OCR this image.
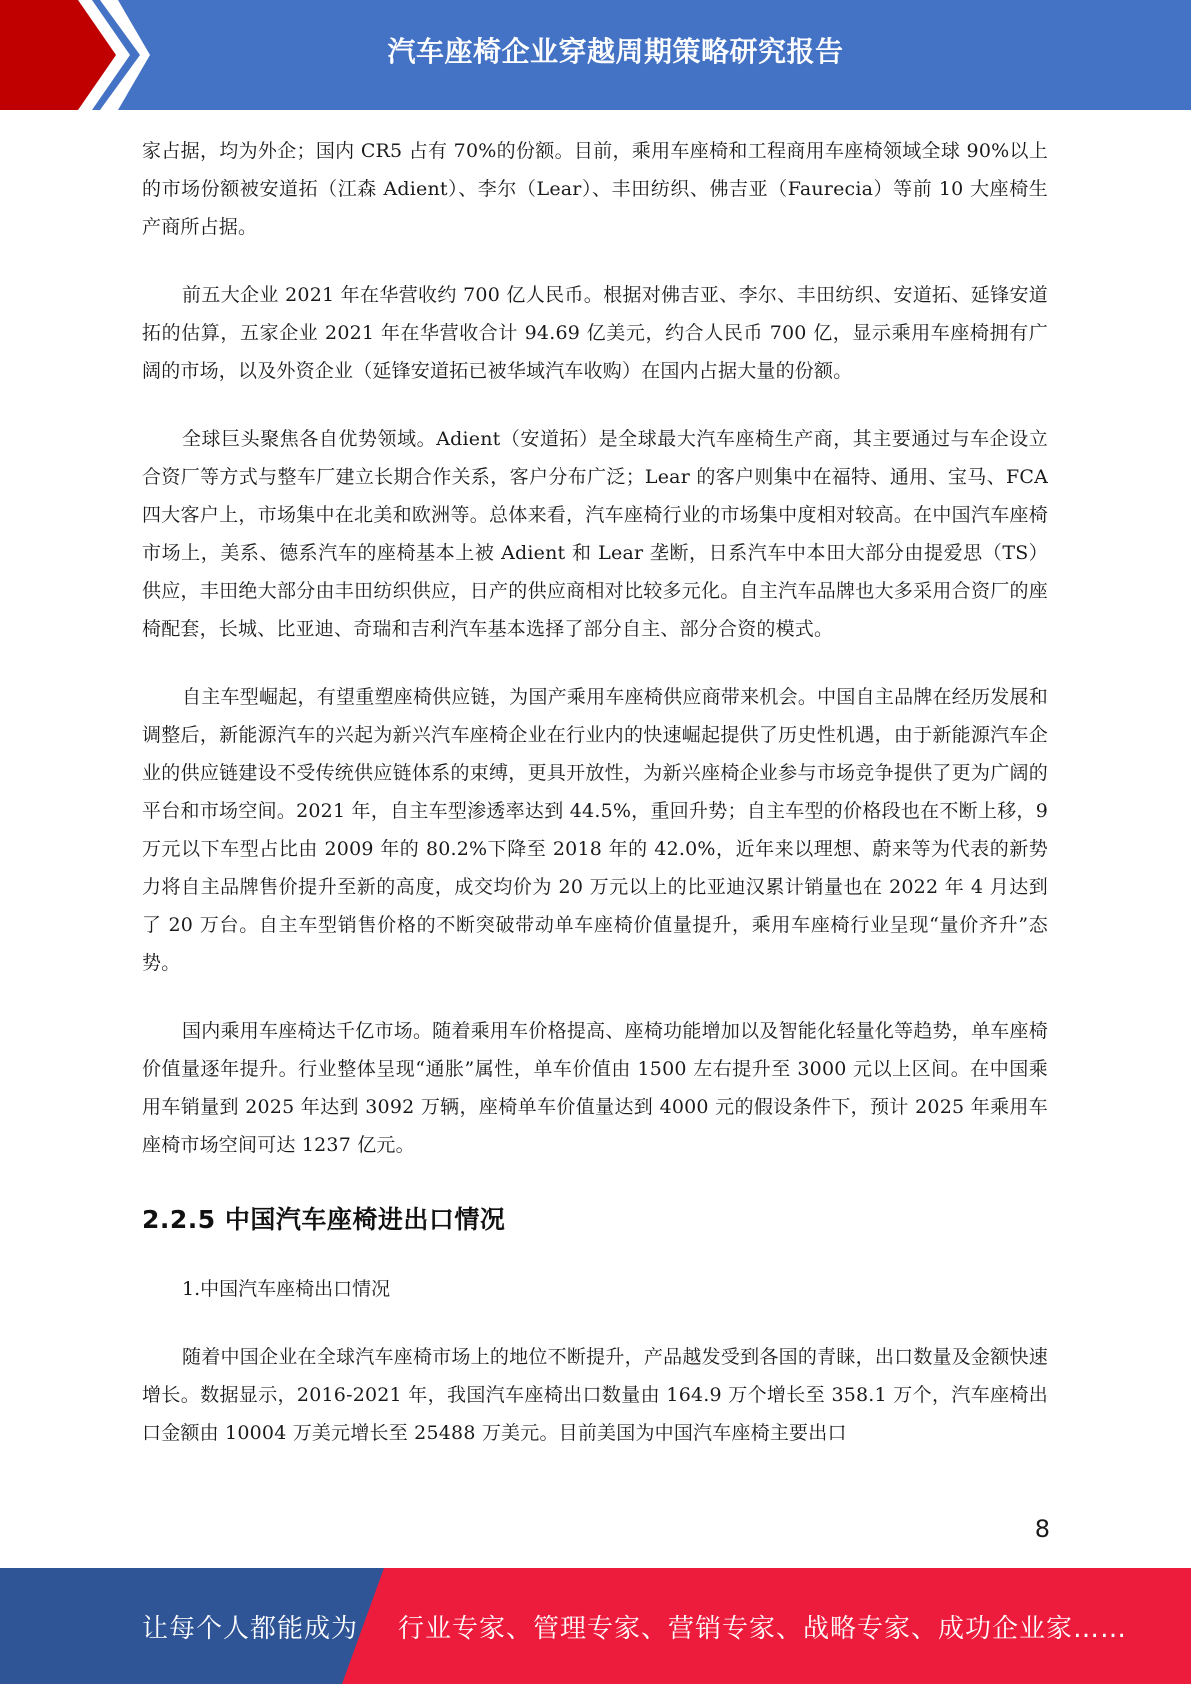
汽车座椅企业穿越周期策略研究报告

家占据，均为外企；国内 CR5 占有 70%的份额。目前，乘用车座椅和工程商用车座椅领域全球 90%以上的市场份额被安道拓（江森 Adient）、李尔（Lear）、丰田纺织、佛吉亚（Faurecia）等前 10 大座椅生产商所占据。

前五大企业 2021 年在华营收约 700 亿人民币。根据对佛吉亚、李尔、丰田纺织、安道拓、延锋安道拓的估算，五家企业 2021 年在华营收合计 94.69 亿美元，约合人民币 700 亿，显示乘用车座椅拥有广阔的市场，以及外资企业（延锋安道拓已被华域汽车收购）在国内占据大量的份额。

全球巨头聚焦各自优势领域。Adient（安道拓）是全球最大汽车座椅生产商，其主要通过与车企设立合资厂等方式与整车厂建立长期合作关系，客户分布广泛；Lear 的客户则集中在福特、通用、宝马、FCA 四大客户上，市场集中在北美和欧洲等。总体来看，汽车座椅行业的市场集中度相对较高。在中国汽车座椅市场上，美系、德系汽车的座椅基本上被 Adient 和 Lear 垄断，日系汽车中本田大部分由提爱思（TS）供应，丰田绝大部分由丰田纺织供应，日产的供应商相对比较多元化。自主汽车品牌也大多采用合资厂的座椅配套，长城、比亚迪、奇瑞和吉利汽车基本选择了部分自主、部分合资的模式。

自主车型崛起，有望重塑座椅供应链，为国产乘用车座椅供应商带来机会。中国自主品牌在经历发展和调整后，新能源汽车的兴起为新兴汽车座椅企业在行业内的快速崛起提供了历史性机遇，由于新能源汽车企业的供应链建设不受传统供应链体系的束缚，更具开放性，为新兴座椅企业参与市场竞争提供了更为广阔的平台和市场空间。2021 年，自主车型渗透率达到 44.5%，重回升势；自主车型的价格段也在不断上移，9 万元以下车型占比由 2009 年的 80.2%下降至 2018 年的 42.0%，近年来以理想、蔚来等为代表的新势力将自主品牌售价提升至新的高度，成交均价为 20 万元以上的比亚迪汉累计销量也在 2022 年 4 月达到了 20 万台。自主车型销售价格的不断突破带动单车座椅价值量提升，乘用车座椅行业呈现“量价齐升”态势。

国内乘用车座椅达千亿市场。随着乘用车价格提高、座椅功能增加以及智能化轻量化等趋势，单车座椅价值量逐年提升。行业整体呈现“通胀”属性，单车价值由 1500 左右提升至 3000 元以上区间。在中国乘用车销量到 2025 年达到 3092 万辆，座椅单车价值量达到 4000 元的假设条件下，预计 2025 年乘用车座椅市场空间可达 1237 亿元。

2.2.5 中国汽车座椅进出口情况

1.中国汽车座椅出口情况

随着中国企业在全球汽车座椅市场上的地位不断提升，产品越发受到各国的青睐，出口数量及金额快速增长。数据显示，2016-2021 年，我国汽车座椅出口数量由 164.9 万个增长至 358.1 万个，汽车座椅出口金额由 10004 万美元增长至 25488 万美元。目前美国为中国汽车座椅主要出口

8
让每个人都能成为 行业专家、管理专家、营销专家、战略专家、成功企业家……
